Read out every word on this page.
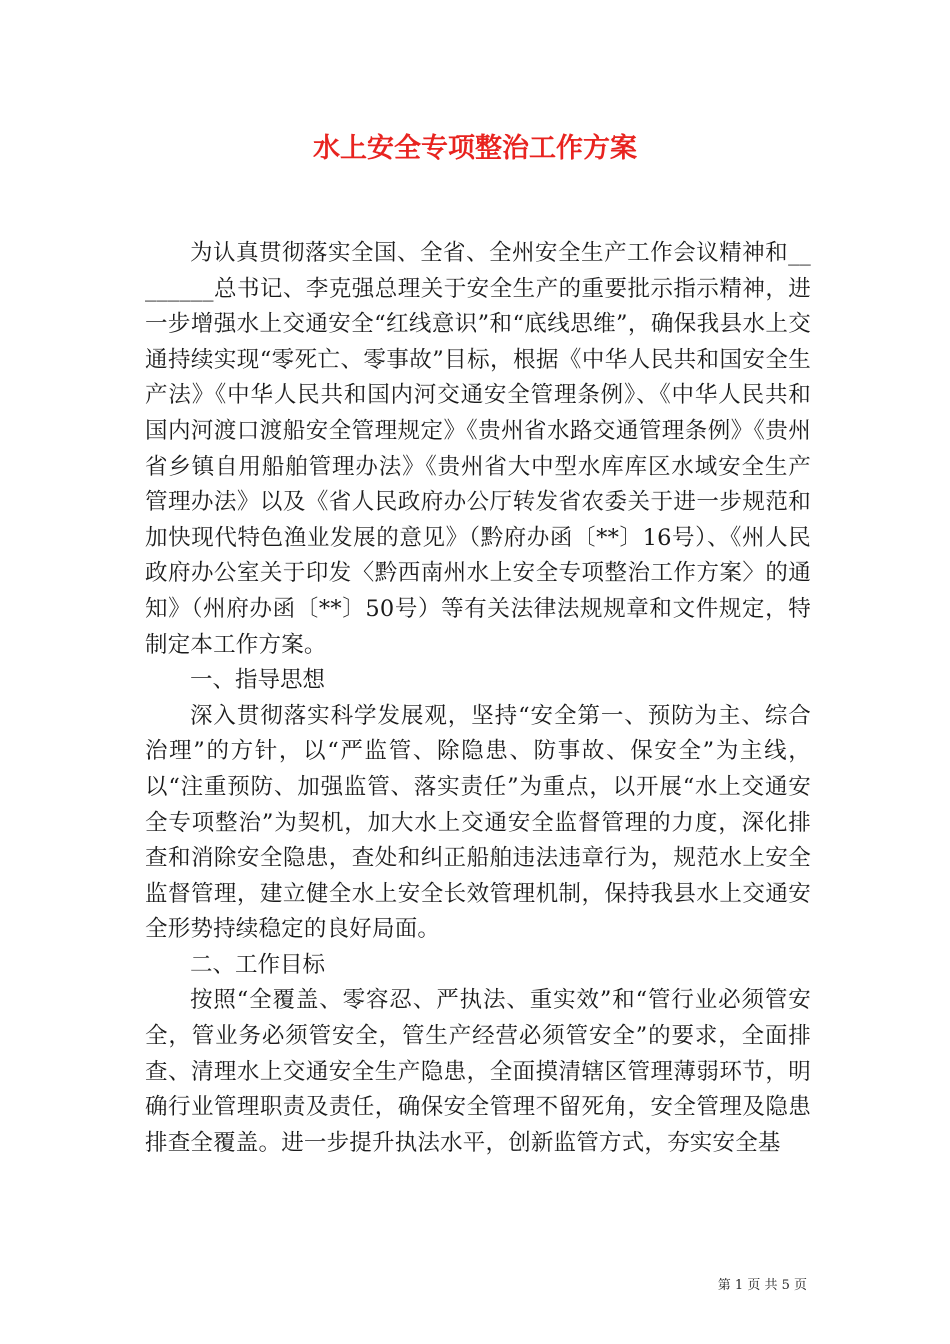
水上安全专项整治工作方案

为认真贯彻落实全国、全省、全州安全生产工作会议精神和________总书记、李克强总理关于安全生产的重要批示指示精神，进一步增强水上交通安全“红线意识”和“底线思维”，确保我县水上交通持续实现“零死亡、零事故”目标，根据《中华人民共和国安全生产法》《中华人民共和国内河交通安全管理条例》、《中华人民共和国内河渡口渡船安全管理规定》《贵州省水路交通管理条例》《贵州省乡镇自用船舶管理办法》《贵州省大中型水库库区水域安全生产管理办法》以及《省人民政府办公厅转发省农委关于进一步规范和加快现代特色渔业发展的意见》（黔府办函〔**〕16号）、《州人民政府办公室关于印发〈黔西南州水上安全专项整治工作方案〉的通知》（州府办函〔**〕50号）等有关法律法规规章和文件规定，特制定本工作方案。

一、指导思想

深入贯彻落实科学发展观，坚持“安全第一、预防为主、综合治理”的方针，以“严监管、除隐患、防事故、保安全”为主线，以“注重预防、加强监管、落实责任”为重点，以开展“水上交通安全专项整治”为契机，加大水上交通安全监督管理的力度，深化排查和消除安全隐患，查处和纠正船舶违法违章行为，规范水上安全监督管理，建立健全水上安全长效管理机制，保持我县水上交通安全形势持续稳定的良好局面。

二、工作目标

按照“全覆盖、零容忍、严执法、重实效”和“管行业必须管安全，管业务必须管安全，管生产经营必须管安全”的要求，全面排查、清理水上交通安全生产隐患，全面摸清辖区管理薄弱环节，明确行业管理职责及责任，确保安全管理不留死角，安全管理及隐患排查全覆盖。进一步提升执法水平，创新监管方式，夯实安全基

第 1 页 共 5 页
